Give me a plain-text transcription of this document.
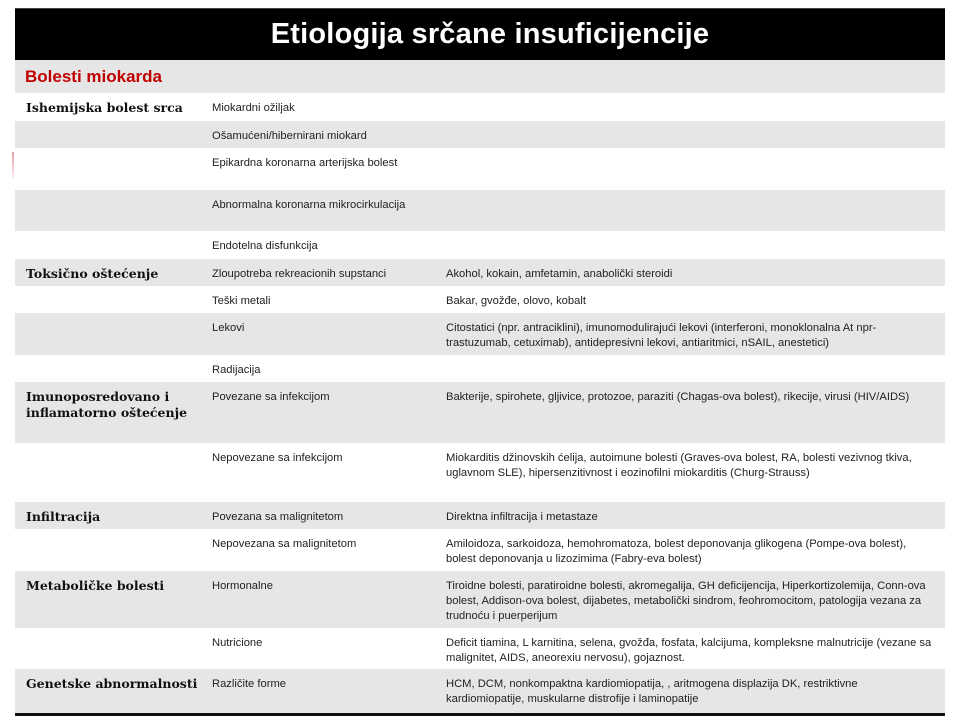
Etiologija srčane insuficijencije
Bolesti miokarda
Ishemijska bolest srca	Miokardni ožiljak	
	Ošamućeni/hibernirani miokard	
	Epikardna koronarna arterijska bolest	
	Abnormalna koronarna mikrocirkulacija	
	Endotelna disfunkcija	
Toksično oštećenje	Zloupotreba rekreacionih supstanci	Akohol, kokain, amfetamin, anabolički steroidi
	Teški metali	Bakar, gvožđe, olovo, kobalt
	Lekovi	Citostatici (npr. antraciklini), imunomodulirajući lekovi (interferoni, monoklonalna At npr- trastuzumab, cetuximab), antidepresivni lekovi, antiaritmici, nSAIL, anestetici)
	Radijacija	
Imunoposredovano i inflamatorno oštećenje	Povezane sa infekcijom	Bakterije, spirohete, gljivice, protozoe, paraziti (Chagas-ova bolest), rikecije, virusi (HIV/AIDS)
	Nepovezane sa infekcijom	Miokarditis džinovskih ćelija, autoimune bolesti (Graves-ova bolest, RA, bolesti vezivnog tkiva, uglavnom SLE), hipersenzitivnost i eozinofilni miokarditis (Churg-Strauss)
Infiltracija	Povezana sa malignitetom	Direktna infiltracija i metastaze
	Nepovezana sa malignitetom	Amiloidoza, sarkoidoza, hemohromatoza, bolest deponovanja glikogena (Pompe-ova bolest), bolest deponovanja u lizozimima (Fabry-eva bolest)
Metaboličke bolesti	Hormonalne	Tiroidne bolesti, paratiroidne bolesti, akromegalija, GH deficijencija, Hiperkortizolemija, Conn-ova bolest, Addison-ova bolest, dijabetes, metabolički sindrom, feohromocitom, patologija vezana za trudnoću i puerperijum
	Nutricione	Deficit tiamina, L karnitina, selena, gvožđa, fosfata, kalcijuma, kompleksne malnutricije (vezane sa malignitet, AIDS, aneorexiu nervosu), gojaznost.
Genetske abnormalnosti	Različite forme	HCM, DCM, nonkompaktna kardiomiopatija, , aritmogena displazija DK, restriktivne kardiomiopatije, muskularne distrofije i laminopatije
